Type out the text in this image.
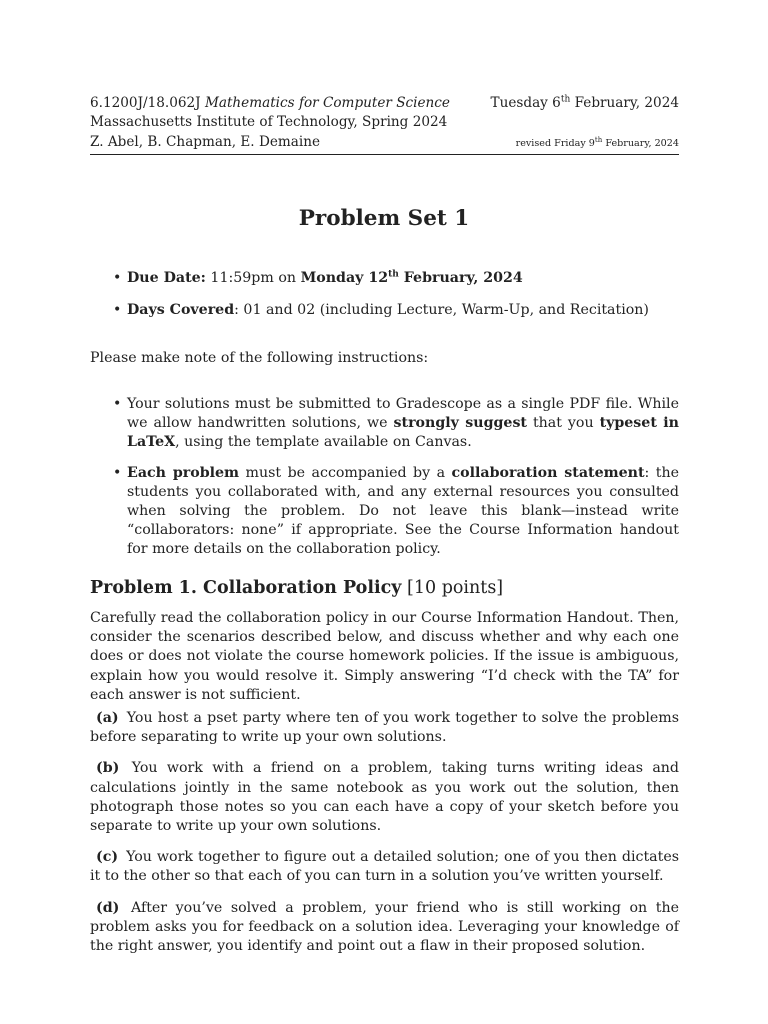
6.1200J/18.062J Mathematics for Computer Science	Tuesday 6th February, 2024
Massachusetts Institute of Technology, Spring 2024
Z. Abel, B. Chapman, E. Demaine	revised Friday 9th February, 2024
Problem Set 1
• Due Date: 11:59pm on Monday 12th February, 2024
• Days Covered: 01 and 02 (including Lecture, Warm-Up, and Recitation)
Please make note of the following instructions:
• Your solutions must be submitted to Gradescope as a single PDF file. While we allow handwritten solutions, we strongly suggest that you typeset in LaTeX, using the template available on Canvas.
• Each problem must be accompanied by a collaboration statement: the students you collaborated with, and any external resources you consulted when solving the problem. Do not leave this blank—instead write “collaborators: none” if appropriate. See the Course Information handout for more details on the collaboration policy.
Problem 1. Collaboration Policy [10 points]
Carefully read the collaboration policy in our Course Information Handout. Then, consider the scenarios described below, and discuss whether and why each one does or does not violate the course homework policies. If the issue is ambiguous, explain how you would resolve it. Simply answering “I’d check with the TA” for each answer is not sufficient.
(a) You host a pset party where ten of you work together to solve the problems before separating to write up your own solutions.
(b) You work with a friend on a problem, taking turns writing ideas and calculations jointly in the same notebook as you work out the solution, then photograph those notes so you can each have a copy of your sketch before you separate to write up your own solutions.
(c) You work together to figure out a detailed solution; one of you then dictates it to the other so that each of you can turn in a solution you’ve written yourself.
(d) After you’ve solved a problem, your friend who is still working on the problem asks you for feedback on a solution idea. Leveraging your knowledge of the right answer, you identify and point out a flaw in their proposed solution.
